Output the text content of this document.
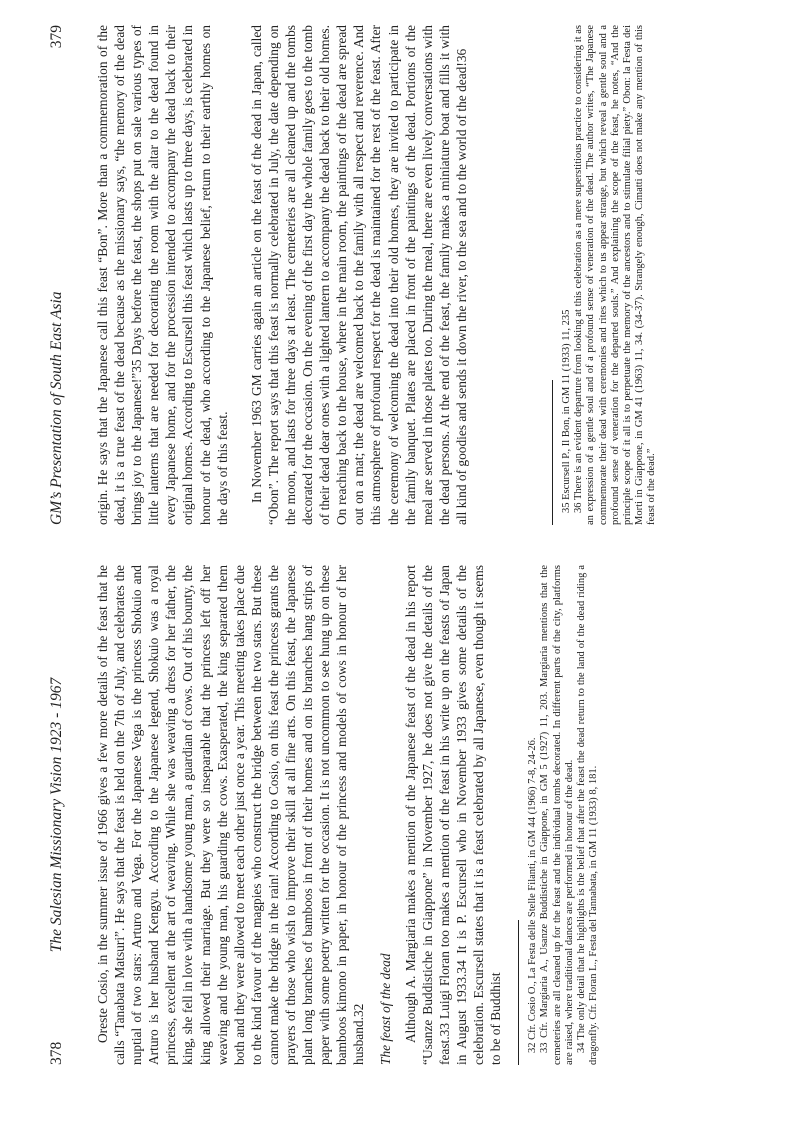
378
The Salesian Missionary Vision 1923 - 1967 Oreste Cosio, in the summer issue of 1966 gives a few more details of the feast that he calls “Tanabata Matsuri”. He says that the feast is held on the 7th of July, and celebrates the nuptial of two stars: Arturo and Vega. For the Japanese Vega is the princess Shokuio and Arturo is her husband Kengyu. According to the Japanese legend, Shokuio was a royal princess, excellent at the art of weaving. While she was weaving a dress for her father, the king, she fell in love with a handsome young man, a guardian of cows. Out of his bounty, the king allowed their marriage. But they were so inseparable that the princess left off her weaving and the young man, his guarding the cows. Exasperated, the king separated them both and they were allowed to meet each other just once a year. This meeting takes place due to the kind favour of the magpies who construct the bridge between the two stars. But these cannot make the bridge in the rain! According to Cosio, on this feast the princess grants the prayers of those who wish to improve their skill at all fine arts. On this feast, the Japanese plant long branches of bamboos in front of their homes and on its branches hang strips of paper with some poetry written for the occasion. It is not uncommon to see hung up on these bamboos kimono in paper, in honour of the princess and models of cows in honour of her husband.32 The feast of the dead Although A. Margiaria makes a mention of the Japanese feast of the dead in his report “Usanze Buddistiche in Giappone” in November 1927, he does not give the details of the feast.33 Luigi Floran too makes a mention of the feast in his write up on the feasts of Japan in August 1933.34 It is P. Escursell who in November 1933 gives some details of the celebration. Escursell states that it is a feast celebrated by all Japanese, even though it seems to be of Buddhist 32 Cfr. Cosio O., La Festa delle Stelle Filanti, in GM 44 (1966) 7-8, 24-26. 33 Cfr. Margiaria A., Usanze Buddistiche in Giappone, in GM 5 (1927) 11, 203. Margiaria mentions that the cemeteries are all cleaned up for the feast and the individual tombs decorated. In different parts of the city, platforms are raised, where traditional dances are performed in honour of the dead. 34 The only detail that he highlights is the belief that after the feast the dead return to the land of the dead riding a dragonfly. Cfr. Floran L., Festa del Tannabata, in GM 11 (1933) 8, 181.

GM’s Presentation of South East Asia
379 origin. He says that the Japanese call this feast “Bon”. More than a commemoration of the dead, it is a true feast of the dead because as the missionary says, “the memory of the dead brings joy to the Japanese!”35 Days before the feast, the shops put on sale various types of little lanterns that are needed for decorating the room with the altar to the dead found in every Japanese home, and for the procession intended to accompany the dead back to their original homes. According to Escursell this feast which lasts up to three days, is celebrated in honour of the dead, who according to the Japanese belief, return to their earthly homes on the days of this feast. In November 1963 GM carries again an article on the feast of the dead in Japan, called “Obon”. The report says that this feast is normally celebrated in July, the date depending on the moon, and lasts for three days at least. The cemeteries are all cleaned up and the tombs decorated for the occasion. On the evening of the first day the whole family goes to the tomb of their dead dear ones with a lighted lantern to accompany the dead back to their old homes. On reaching back to the house, where in the main room, the paintings of the dead are spread out on a mat; the dead are welcomed back to the family with all respect and reverence. And this atmosphere of profound respect for the dead is maintained for the rest of the feast. After the ceremony of welcoming the dead into their old homes, they are invited to participate in the family banquet. Plates are placed in front of the paintings of the dead. Portions of the meal are served in those plates too. During the meal, there are even lively conversations with the dead persons. At the end of the feast, the family makes a miniature boat and fills it with all kind of goodies and sends it down the river, to the sea and to the world of the dead!36	35 Escursell P., Il Bon, in GM 11 (1933) 11, 235 36 There is an evident departure from looking at this celebration as a mere superstitious practice to considering it as an expression of a gentle soul and of a profound sense of veneration of the dead. The author writes, “The Japanese commemorate their dead with ceremonies and rites which to us appear strange, but which reveal a gentle soul and a profound sense of veneration for the departed souls.” And explaining the scope of the feast, he notes, “And the principle scope of it all is to perpetuate the memory of the ancestors and to stimulate filial piety.” Obon: la Festa dei Morti in Giappone, in GM 41 (1963) 11, 34. (34-37). Strangely enough, Cimatti does not make any mention of this feast of the dead.”
